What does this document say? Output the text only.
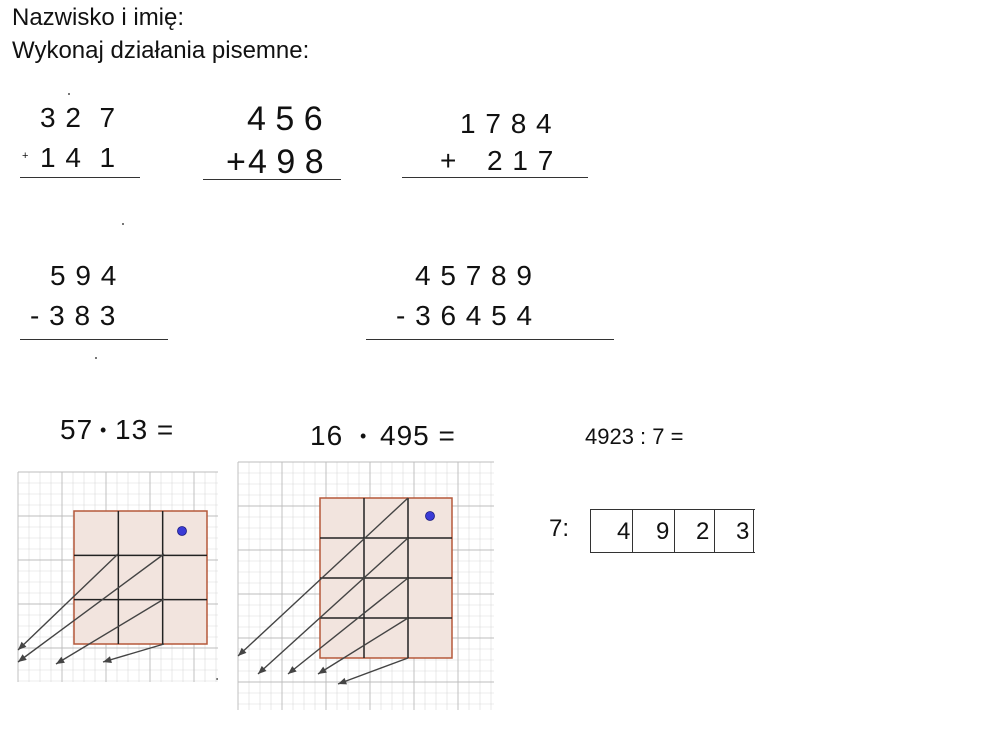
Nazwisko i imię:
Wykonaj działania pisemne:
3 2  7
+ 1 4  1
4 5 6
+ 4 9 8
1 7 8 4
+ 2 1 7
5 9 4
- 3 8 3
4 5 7 8 9
- 3 6 4 5 4
57 • 13 =	16 • 495 =	4923 : 7 =
7: 4 9 2 3
